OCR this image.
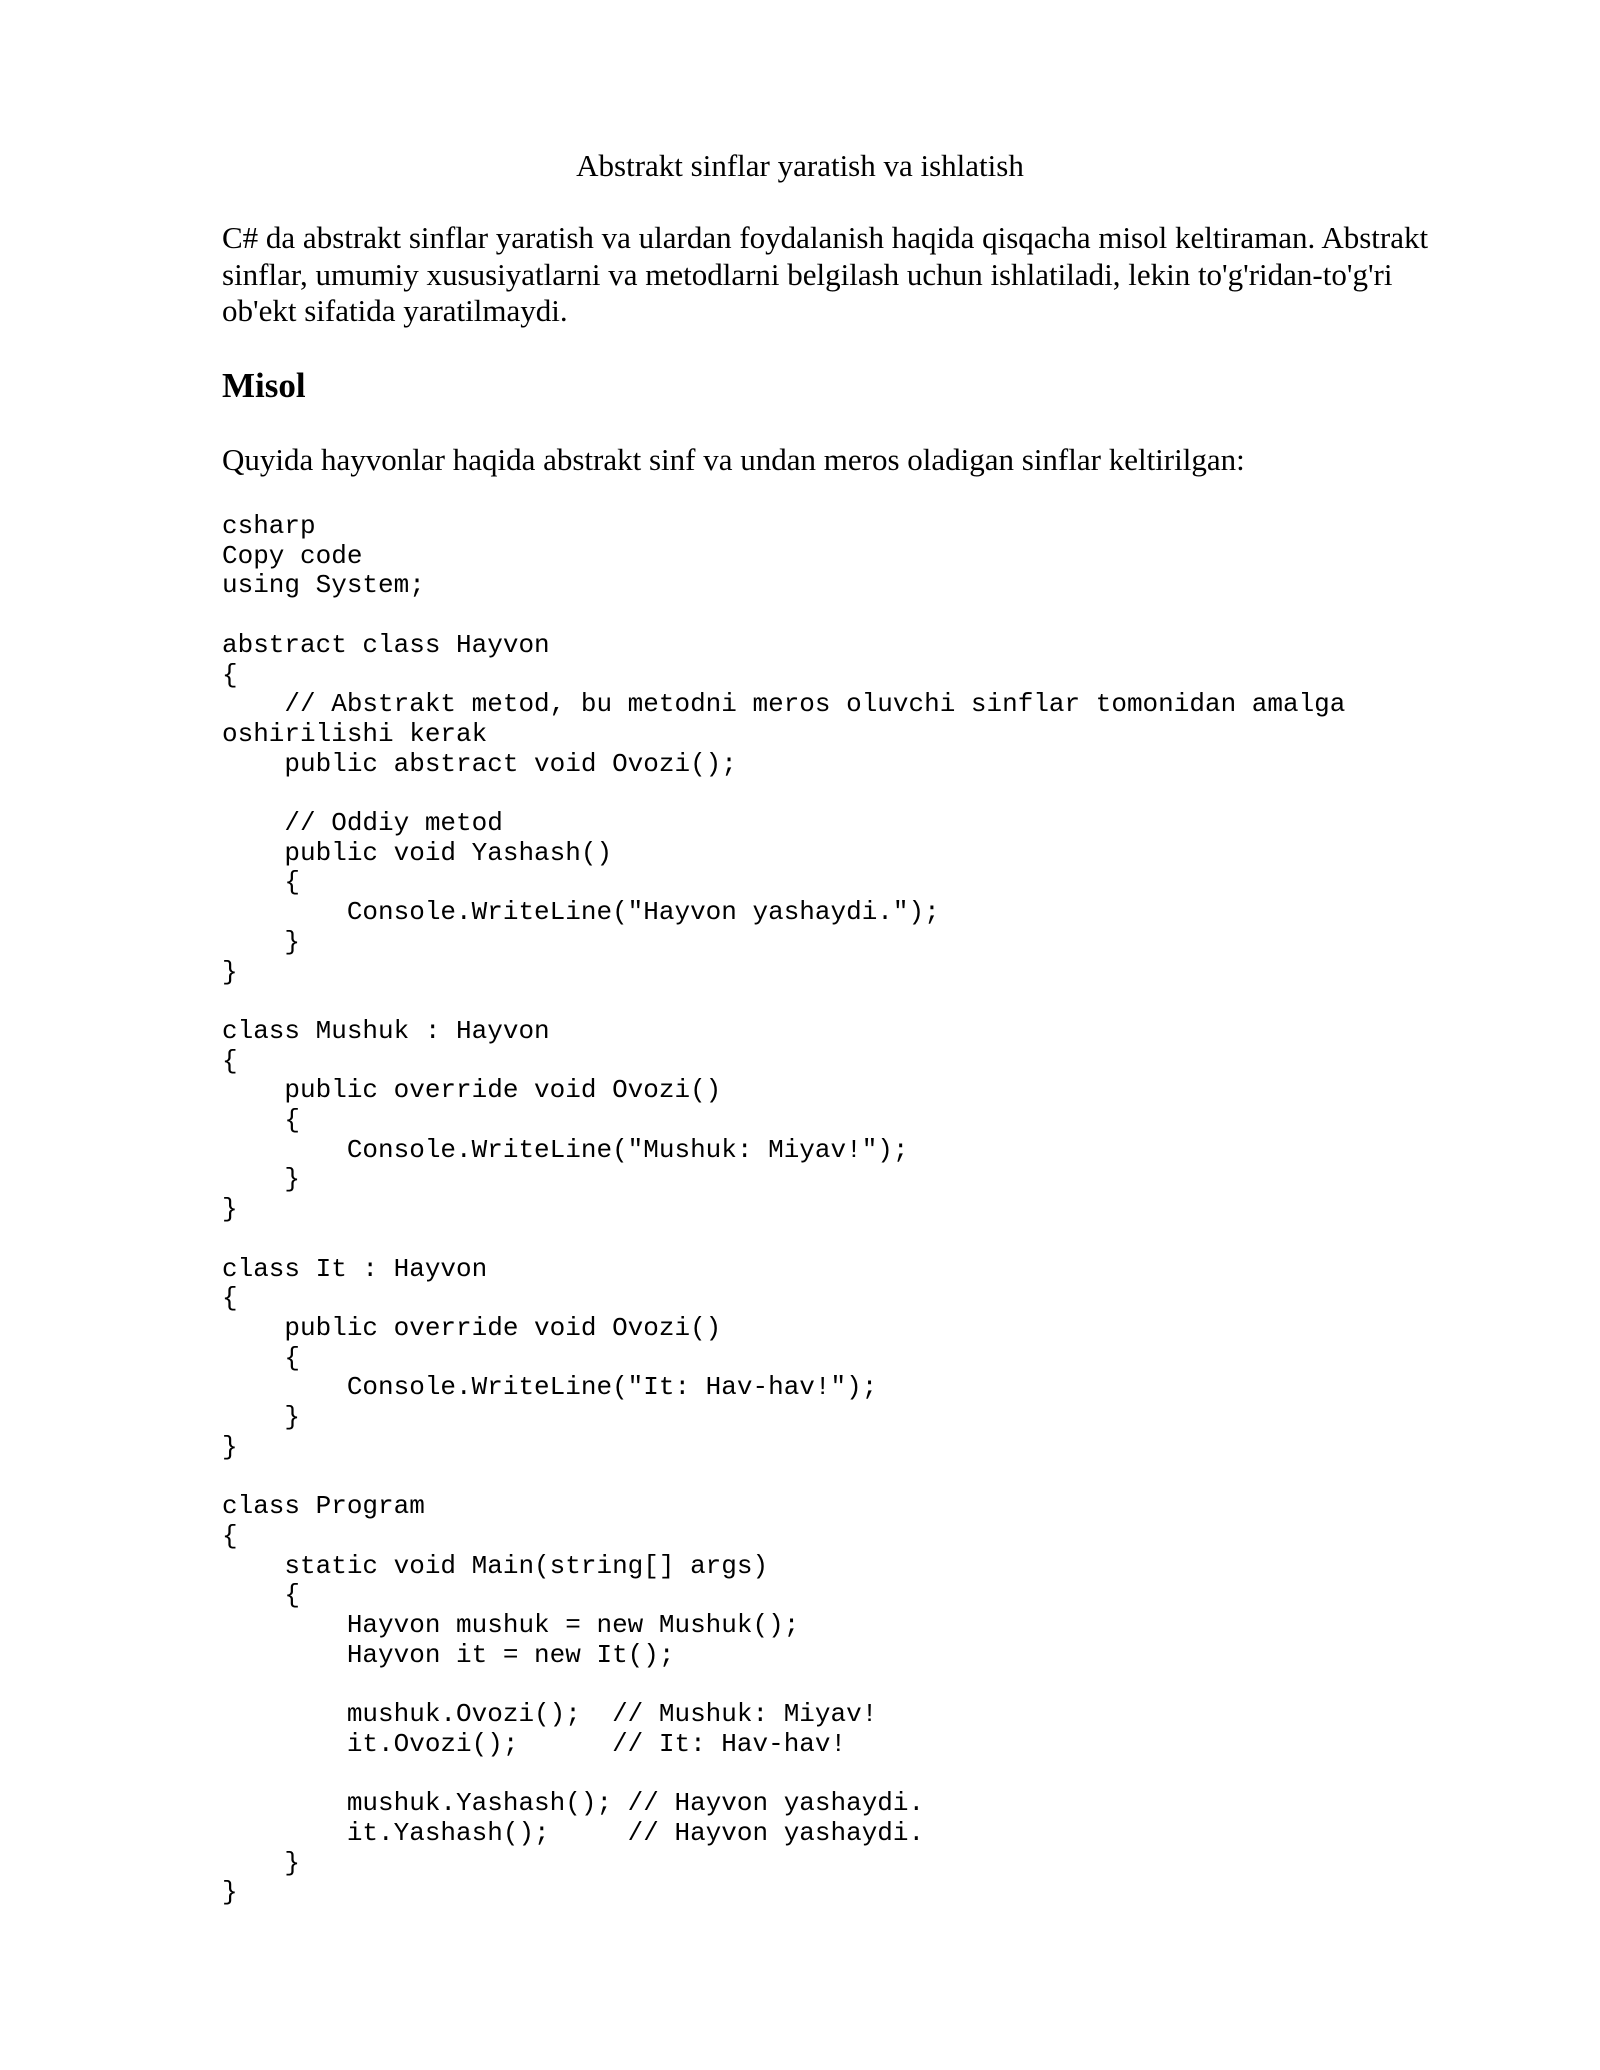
Abstrakt sinflar yaratish va ishlatish

C# da abstrakt sinflar yaratish va ulardan foydalanish haqida qisqacha misol keltiraman. Abstrakt sinflar, umumiy xususiyatlarni va metodlarni belgilash uchun ishlatiladi, lekin to'g'ridan-to'g'ri ob'ekt sifatida yaratilmaydi.

Misol

Quyida hayvonlar haqida abstrakt sinf va undan meros oladigan sinflar keltirilgan:

csharp
Copy code
using System;

abstract class Hayvon
{
// Abstrakt metod, bu metodni meros oluvchi sinflar tomonidan amalga
oshirilishi kerak
public abstract void Ovozi();

// Oddiy metod
public void Yashash()
{
Console.WriteLine("Hayvon yashaydi.");
}
}

class Mushuk : Hayvon
{
public override void Ovozi()
{
Console.WriteLine("Mushuk: Miyav!");
}
}

class It : Hayvon
{
public override void Ovozi()
{
Console.WriteLine("It: Hav-hav!");
}
}

class Program
{
static void Main(string[] args)
{
Hayvon mushuk = new Mushuk();
Hayvon it = new It();

mushuk.Ovozi();  // Mushuk: Miyav!
it.Ovozi();      // It: Hav-hav!

mushuk.Yashash(); // Hayvon yashaydi.
it.Yashash();     // Hayvon yashaydi.
}
}
